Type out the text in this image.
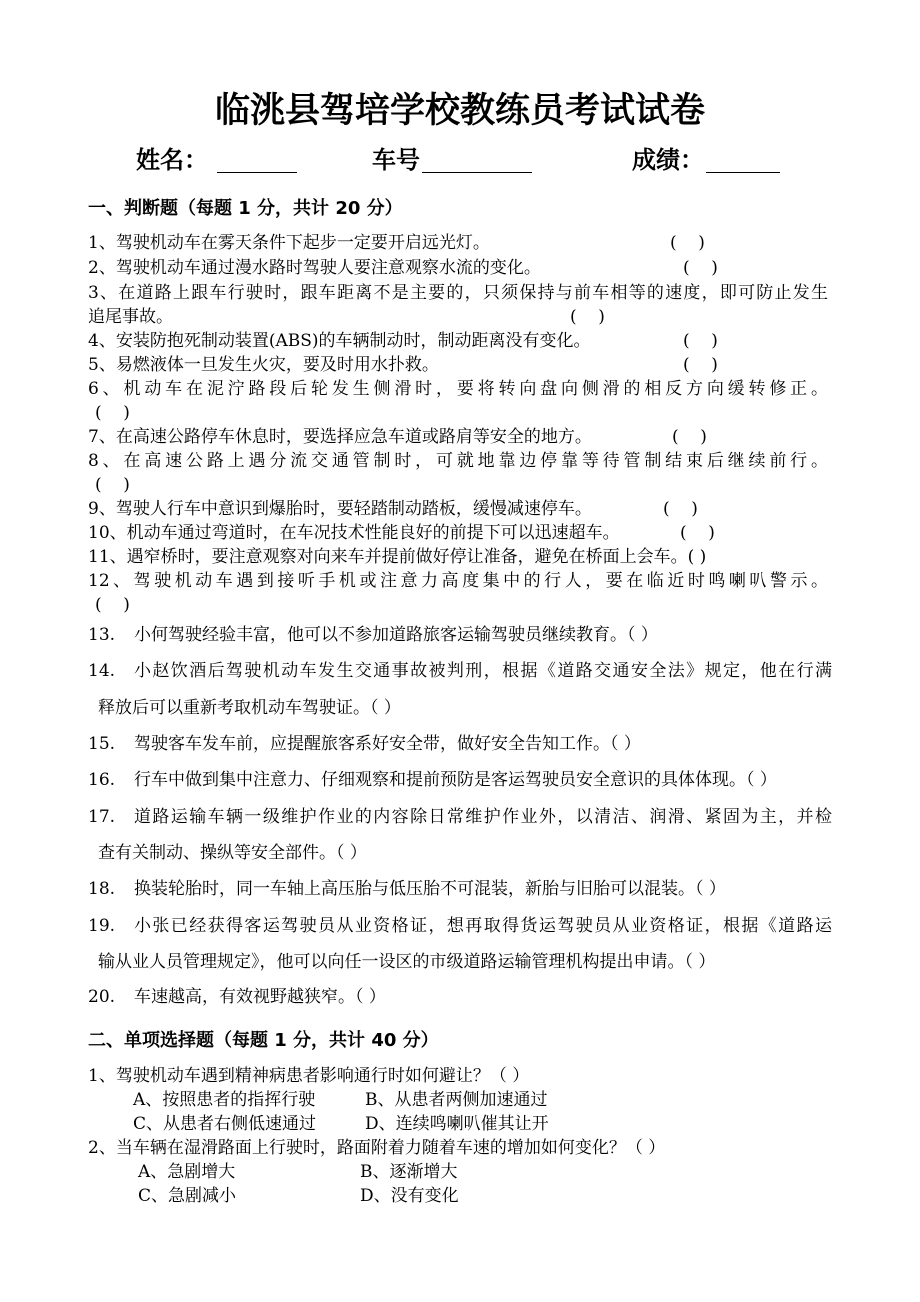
临洮县驾培学校教练员考试试卷
姓名：	车号	成绩：
一、判断题（每题 1 分，共计 20 分）
1、驾驶机动车在雾天条件下起步一定要开启远光灯。	(    )
2、驾驶机动车通过漫水路时驾驶人要注意观察水流的变化。	(    )
3、在道路上跟车行驶时，跟车距离不是主要的，只须保持与前车相等的速度，即可防止发生
追尾事故。	(    )
4、安装防抱死制动装置(ABS)的车辆制动时，制动距离没有变化。	(    )
5、易燃液体一旦发生火灾，要及时用水扑救。	(    )
6、机动车在泥泞路段后轮发生侧滑时，要将转向盘向侧滑的相反方向缓转修正。
(    )
7、在高速公路停车休息时，要选择应急车道或路肩等安全的地方。	(    )
8、在高速公路上遇分流交通管制时，可就地靠边停靠等待管制结束后继续前行。
(    )
9、驾驶人行车中意识到爆胎时，要轻踏制动踏板，缓慢减速停车。	(    )
10、机动车通过弯道时，在车况技术性能良好的前提下可以迅速超车。	(    )
11、遇窄桥时，要注意观察对向来车并提前做好停让准备，避免在桥面上会车。( )
12、驾驶机动车遇到接听手机或注意力高度集中的行人，要在临近时鸣喇叭警示。
(    )
13. 小何驾驶经验丰富，他可以不参加道路旅客运输驾驶员继续教育。（ ）
14. 小赵饮酒后驾驶机动车发生交通事故被判刑，根据《道路交通安全法》规定，他在行满
释放后可以重新考取机动车驾驶证。（ ）
15. 驾驶客车发车前，应提醒旅客系好安全带，做好安全告知工作。（ ）
16. 行车中做到集中注意力、仔细观察和提前预防是客运驾驶员安全意识的具体体现。（ ）
17. 道路运输车辆一级维护作业的内容除日常维护作业外，以清洁、润滑、紧固为主，并检
查有关制动、操纵等安全部件。（ ）
18. 换装轮胎时，同一车轴上高压胎与低压胎不可混装，新胎与旧胎可以混装。（ ）
19. 小张已经获得客运驾驶员从业资格证，想再取得货运驾驶员从业资格证，根据《道路运
输从业人员管理规定》，他可以向任一设区的市级道路运输管理机构提出申请。（ ）
20. 车速越高，有效视野越狭窄。（ ）
二、单项选择题（每题 1 分，共计 40 分）
1、驾驶机动车遇到精神病患者影响通行时如何避让？（ ）
A、按照患者的指挥行驶	B、从患者两侧加速通过
C、从患者右侧低速通过	D、连续鸣喇叭催其让开
2、当车辆在湿滑路面上行驶时，路面附着力随着车速的增加如何变化？（ ）
A、急剧增大	B、逐渐增大
C、急剧减小	D、没有变化
